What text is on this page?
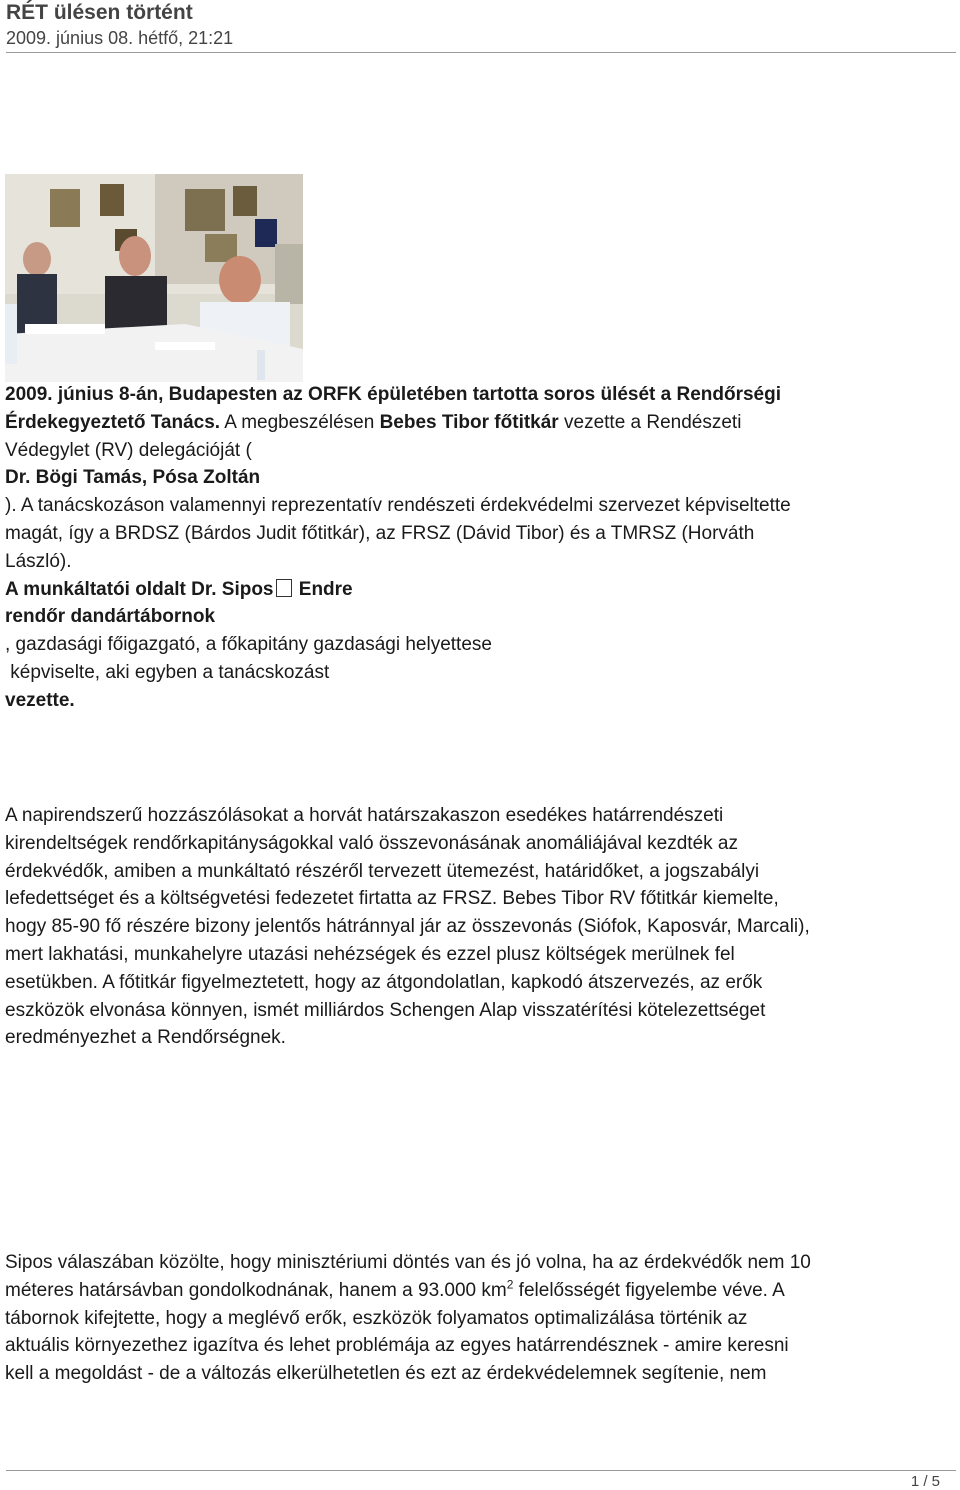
RÉT ülésen történt
2009. június 08. hétfő, 21:21
2009. június 8-án, Budapesten az ORFK épületében tartotta soros ülését a Rendőrségi
Érdekegyeztető Tanács. A megbeszélésen Bebes Tibor főtitkár vezette a Rendészeti
Védegylet (RV) delegációját (
Dr. Bögi Tamás, Pósa Zoltán
). A tanácskozáson valamennyi reprezentatív rendészeti érdekvédelmi szervezet képviseltette
magát, így a BRDSZ (Bárdos Judit főtitkár), az FRSZ (Dávid Tibor) és a TMRSZ (Horváth
László).
A munkáltatói oldalt Dr. Sipos Endre
rendőr dandártábornok
, gazdasági főigazgató, a főkapitány gazdasági helyettese
képviselte, aki egyben a tanácskozást
vezette.
A napirendszerű hozzászólásokat a horvát határszakaszon esedékes határrendészeti
kirendeltségek rendőrkapitányságokkal való összevonásának anomáliájával kezdték az
érdekvédők, amiben a munkáltató részéről tervezett ütemezést, határidőket, a jogszabályi
lefedettséget és a költségvetési fedezetet firtatta az FRSZ. Bebes Tibor RV főtitkár kiemelte,
hogy 85-90 fő részére bizony jelentős hátránnyal jár az összevonás (Siófok, Kaposvár, Marcali),
mert lakhatási, munkahelyre utazási nehézségek és ezzel plusz költségek merülnek fel
esetükben. A főtitkár figyelmeztetett, hogy az átgondolatlan, kapkodó átszervezés, az erők
eszközök elvonása könnyen, ismét milliárdos Schengen Alap visszatérítési kötelezettséget
eredményezhet a Rendőrségnek.
Sipos válaszában közölte, hogy minisztériumi döntés van és jó volna, ha az érdekvédők nem 10
méteres határsávban gondolkodnának, hanem a 93.000 $km^2$ felelősségét figyelembe véve. A
tábornok kifejtette, hogy a meglévő erők, eszközök folyamatos optimalizálása történik az
aktuális környezethez igazítva és lehet problémája az egyes határrendésznek - amire keresni
kell a megoldást - de a változás elkerülhetetlen és ezt az érdekvédelemnek segítenie, nem
1 / 5
